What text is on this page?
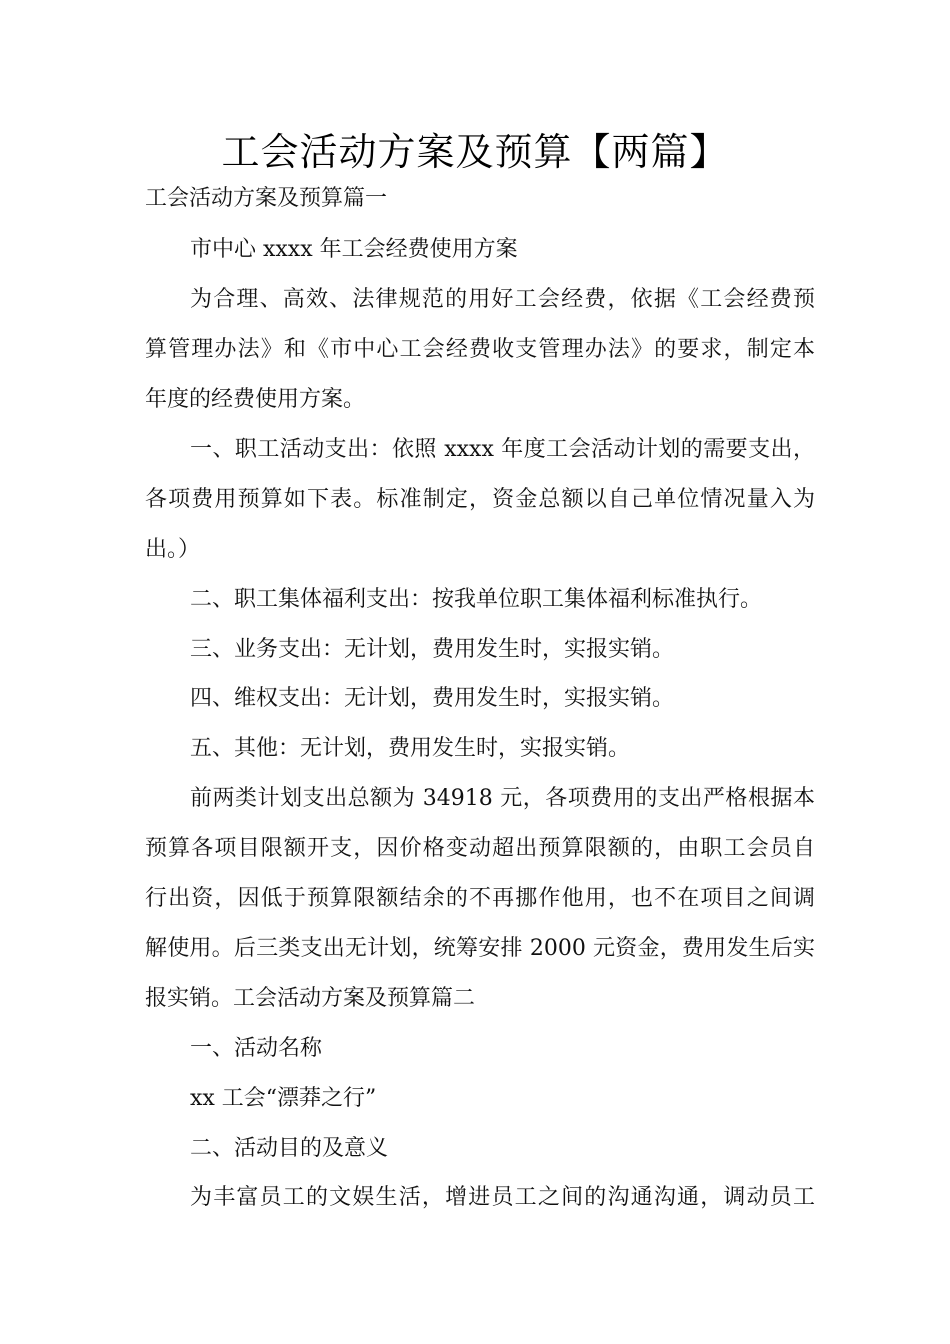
工会活动方案及预算【两篇】
工会活动方案及预算篇一
市中心 xxxx 年工会经费使用方案
为合理、高效、法律规范的用好工会经费，依据《工会经费预
算管理办法》和《市中心工会经费收支管理办法》的要求，制定本
年度的经费使用方案。
一、职工活动支出：依照 xxxx 年度工会活动计划的需要支出，
各项费用预算如下表。标准制定，资金总额以自己单位情况量入为
出。）
二、职工集体福利支出：按我单位职工集体福利标准执行。
三、业务支出：无计划，费用发生时，实报实销。
四、维权支出：无计划，费用发生时，实报实销。
五、其他：无计划，费用发生时，实报实销。
前两类计划支出总额为 34918 元，各项费用的支出严格根据本
预算各项目限额开支，因价格变动超出预算限额的，由职工会员自
行出资，因低于预算限额结余的不再挪作他用，也不在项目之间调
解使用。后三类支出无计划，统筹安排 2000 元资金，费用发生后实
报实销。工会活动方案及预算篇二
一、活动名称
xx 工会“漂莽之行”
二、活动目的及意义
为丰富员工的文娱生活，增进员工之间的沟通沟通，调动员工
